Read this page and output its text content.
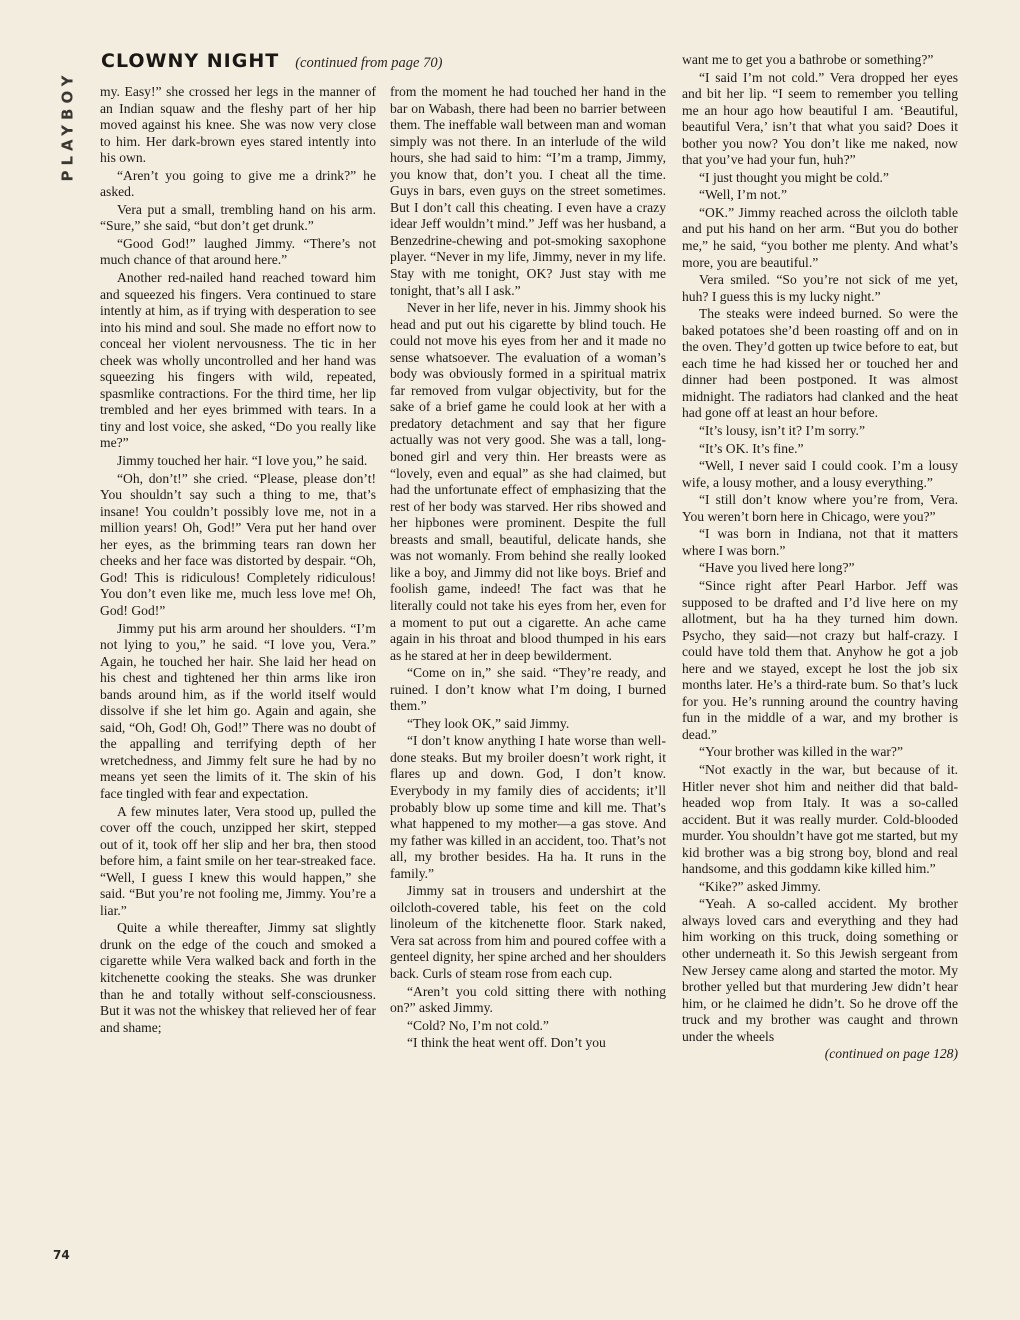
PLAYBOY
CLOWNY NIGHT (continued from page 70)

my. Easy!” she crossed her legs in the manner of an Indian squaw and the fleshy part of her hip moved against his knee. She was now very close to him. Her dark-brown eyes stared intently into his own.

“Aren’t you going to give me a drink?” he asked.

Vera put a small, trembling hand on his arm. “Sure,” she said, “but don’t get drunk.”

“Good God!” laughed Jimmy. “There’s not much chance of that around here.”

Another red-nailed hand reached toward him and squeezed his fingers. Vera continued to stare intently at him, as if trying with desperation to see into his mind and soul. She made no effort now to conceal her violent nervousness. The tic in her cheek was wholly uncontrolled and her hand was squeezing his fingers with wild, repeated, spasmlike contractions. For the third time, her lip trembled and her eyes brimmed with tears. In a tiny and lost voice, she asked, “Do you really like me?”

Jimmy touched her hair. “I love you,” he said.

“Oh, don’t!” she cried. “Please, please don’t! You shouldn’t say such a thing to me, that’s insane! You couldn’t possibly love me, not in a million years! Oh, God!” Vera put her hand over her eyes, as the brimming tears ran down her cheeks and her face was distorted by despair. “Oh, God! This is ridiculous! Completely ridiculous! You don’t even like me, much less love me! Oh, God! God!”

Jimmy put his arm around her shoulders. “I’m not lying to you,” he said. “I love you, Vera.” Again, he touched her hair. She laid her head on his chest and tightened her thin arms like iron bands around him, as if the world itself would dissolve if she let him go. Again and again, she said, “Oh, God! Oh, God!” There was no doubt of the appalling and terrifying depth of her wretchedness, and Jimmy felt sure he had by no means yet seen the limits of it. The skin of his face tingled with fear and expectation.

A few minutes later, Vera stood up, pulled the cover off the couch, unzipped her skirt, stepped out of it, took off her slip and her bra, then stood before him, a faint smile on her tear-streaked face. “Well, I guess I knew this would happen,” she said. “But you’re not fooling me, Jimmy. You’re a liar.”

Quite a while thereafter, Jimmy sat slightly drunk on the edge of the couch and smoked a cigarette while Vera walked back and forth in the kitchenette cooking the steaks. She was drunker than he and totally without self-consciousness. But it was not the whiskey that relieved her of fear and shame;

from the moment he had touched her hand in the bar on Wabash, there had been no barrier between them. The ineffable wall between man and woman simply was not there. In an interlude of the wild hours, she had said to him: “I’m a tramp, Jimmy, you know that, don’t you. I cheat all the time. Guys in bars, even guys on the street sometimes. But I don’t call this cheating. I even have a crazy idear Jeff wouldn’t mind.” Jeff was her husband, a Benzedrine-chewing and pot-smoking saxophone player. “Never in my life, Jimmy, never in my life. Stay with me tonight, OK? Just stay with me tonight, that’s all I ask.”

Never in her life, never in his. Jimmy shook his head and put out his cigarette by blind touch. He could not move his eyes from her and it made no sense whatsoever. The evaluation of a woman’s body was obviously formed in a spiritual matrix far removed from vulgar objectivity, but for the sake of a brief game he could look at her with a predatory detachment and say that her figure actually was not very good. She was a tall, long-boned girl and very thin. Her breasts were as “lovely, even and equal” as she had claimed, but had the unfortunate effect of emphasizing that the rest of her body was starved. Her ribs showed and her hipbones were prominent. Despite the full breasts and small, beautiful, delicate hands, she was not womanly. From behind she really looked like a boy, and Jimmy did not like boys. Brief and foolish game, indeed! The fact was that he literally could not take his eyes from her, even for a moment to put out a cigarette. An ache came again in his throat and blood thumped in his ears as he stared at her in deep bewilderment.

“Come on in,” she said. “They’re ready, and ruined. I don’t know what I’m doing, I burned them.”

“They look OK,” said Jimmy.

“I don’t know anything I hate worse than well-done steaks. But my broiler doesn’t work right, it flares up and down. God, I don’t know. Everybody in my family dies of accidents; it’ll probably blow up some time and kill me. That’s what happened to my mother—a gas stove. And my father was killed in an accident, too. That’s not all, my brother besides. Ha ha. It runs in the family.”

Jimmy sat in trousers and undershirt at the oilcloth-covered table, his feet on the cold linoleum of the kitchenette floor. Stark naked, Vera sat across from him and poured coffee with a genteel dignity, her spine arched and her shoulders back. Curls of steam rose from each cup.

“Aren’t you cold sitting there with nothing on?” asked Jimmy.

“Cold? No, I’m not cold.”

“I think the heat went off. Don’t you

want me to get you a bathrobe or something?”

“I said I’m not cold.” Vera dropped her eyes and bit her lip. “I seem to remember you telling me an hour ago how beautiful I am. ‘Beautiful, beautiful Vera,’ isn’t that what you said? Does it bother you now? You don’t like me naked, now that you’ve had your fun, huh?”

“I just thought you might be cold.”

“Well, I’m not.”

“OK.” Jimmy reached across the oilcloth table and put his hand on her arm. “But you do bother me,” he said, “you bother me plenty. And what’s more, you are beautiful.”

Vera smiled. “So you’re not sick of me yet, huh? I guess this is my lucky night.”

The steaks were indeed burned. So were the baked potatoes she’d been roasting off and on in the oven. They’d gotten up twice before to eat, but each time he had kissed her or touched her and dinner had been postponed. It was almost midnight. The radiators had clanked and the heat had gone off at least an hour before.

“It’s lousy, isn’t it? I’m sorry.”

“It’s OK. It’s fine.”

“Well, I never said I could cook. I’m a lousy wife, a lousy mother, and a lousy everything.”

“I still don’t know where you’re from, Vera. You weren’t born here in Chicago, were you?”

“I was born in Indiana, not that it matters where I was born.”

“Have you lived here long?”

“Since right after Pearl Harbor. Jeff was supposed to be drafted and I’d live here on my allotment, but ha ha they turned him down. Psycho, they said—not crazy but half-crazy. I could have told them that. Anyhow he got a job here and we stayed, except he lost the job six months later. He’s a third-rate bum. So that’s luck for you. He’s running around the country having fun in the middle of a war, and my brother is dead.”

“Your brother was killed in the war?”

“Not exactly in the war, but because of it. Hitler never shot him and neither did that bald-headed wop from Italy. It was a so-called accident. But it was really murder. Cold-blooded murder. You shouldn’t have got me started, but my kid brother was a big strong boy, blond and real handsome, and this goddamn kike killed him.”

“Kike?” asked Jimmy.

“Yeah. A so-called accident. My brother always loved cars and everything and they had him working on this truck, doing something or other underneath it. So this Jewish sergeant from New Jersey came along and started the motor. My brother yelled but that murdering Jew didn’t hear him, or he claimed he didn’t. So he drove off the truck and my brother was caught and thrown under the wheels

(continued on page 128)

74
